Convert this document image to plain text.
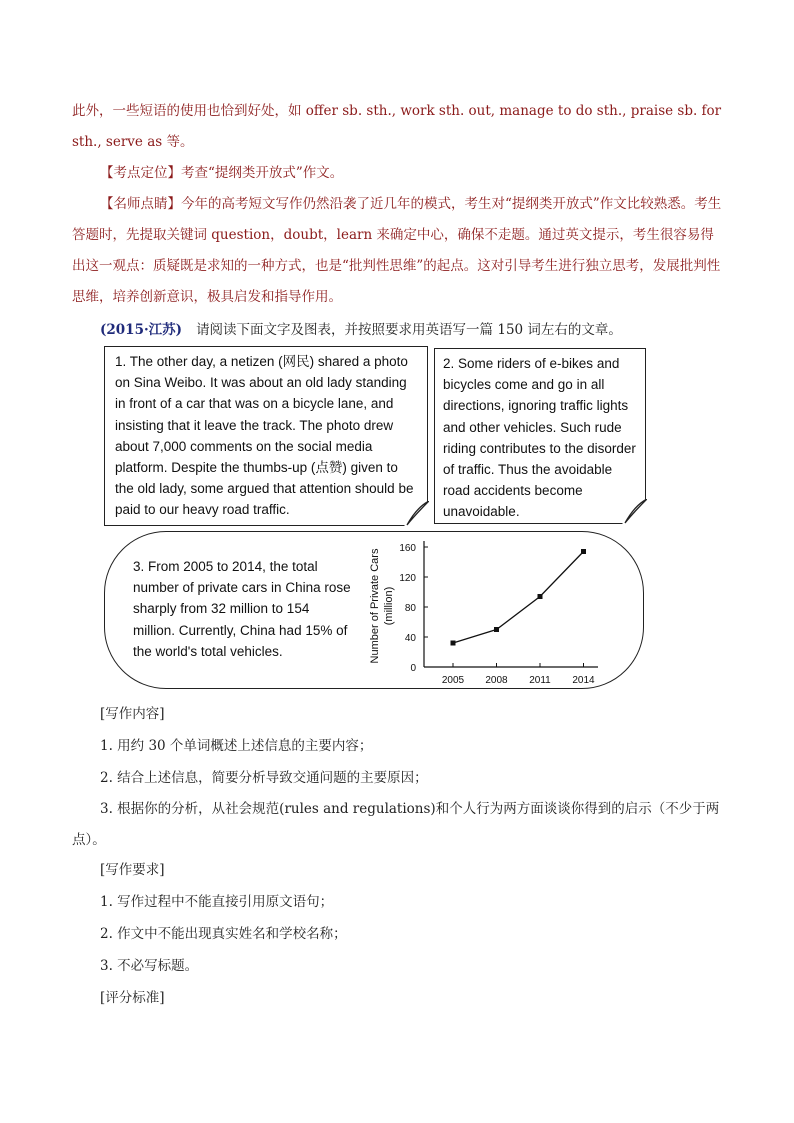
此外，一些短语的使用也恰到好处，如 offer sb. sth., work sth. out, manage to do sth., praise sb. for sth., serve as 等。

【考点定位】考查“提纲类开放式”作文。

【名师点睛】今年的高考短文写作仍然沿袭了近几年的模式，考生对“提纲类开放式”作文比较熟悉。考生答题时，先提取关键词 question，doubt，learn 来确定中心，确保不走题。通过英文提示，考生很容易得出这一观点：质疑既是求知的一种方式，也是“批判性思维”的起点。这对引导考生进行独立思考，发展批判性思维，培养创新意识，极具启发和指导作用。

(2015·江苏) 请阅读下面文字及图表，并按照要求用英语写一篇 150 词左右的文章。
1. The other day, a netizen (网民) shared a photo on Sina Weibo. It was about an old lady standing in front of a car that was on a bicycle lane, and insisting that it leave the track. The photo drew about 7,000 comments on the social media platform. Despite the thumbs-up (点赞) given to the old lady, some argued that attention should be paid to our heavy road traffic.
2. Some riders of e-bikes and bicycles come and go in all directions, ignoring traffic lights and other vehicles. Such rude riding contributes to the disorder of traffic. Thus the avoidable road accidents become unavoidable.
3. From 2005 to 2014, the total number of private cars in China rose sharply from 32 million to 154 million. Currently, China had 15% of the world's total vehicles.
0
40
80
120
160
2005 2008 2011 2014
Number of Private Cars (million)
[写作内容]
1. 用约 30 个单词概述上述信息的主要内容；
2. 结合上述信息，简要分析导致交通问题的主要原因；
3. 根据你的分析，从社会规范(rules and regulations)和个人行为两方面谈谈你得到的启示（不少于两点）。
[写作要求]
1. 写作过程中不能直接引用原文语句；
2. 作文中不能出现真实姓名和学校名称；
3. 不必写标题。
[评分标准]
